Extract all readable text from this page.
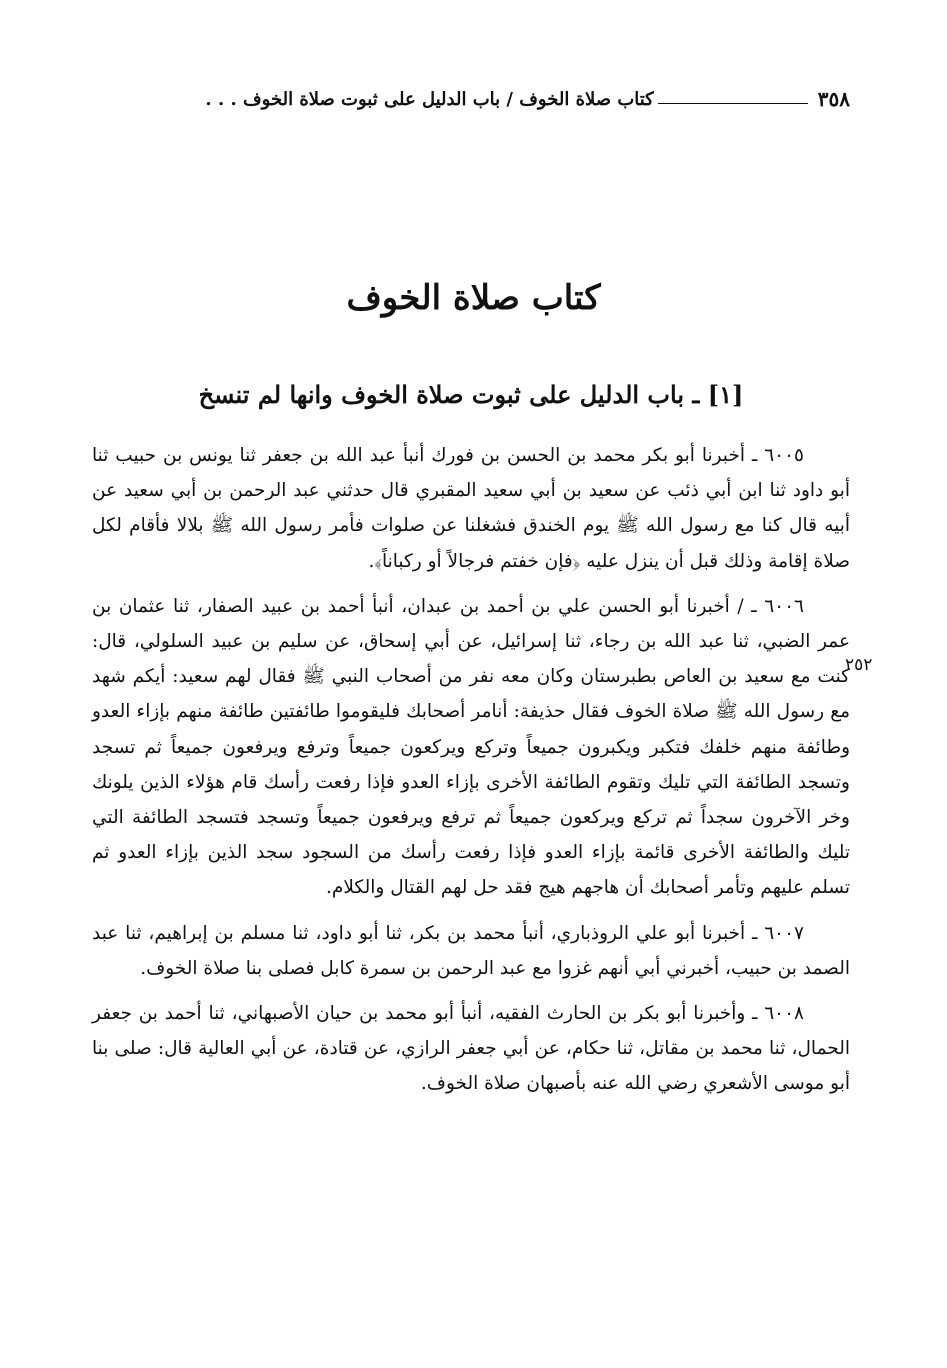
٣٥٨
كتاب صلاة الخوف / باب الدليل على ثبوت صلاة الخوف . . .
كتاب صلاة الخوف
[١] ـ باب الدليل على ثبوت صلاة الخوف وانها لم تنسخ
٢٥٢

٦٠٠٥ ـ أخبرنا أبو بكر محمد بن الحسن بن فورك أنبأ عبد الله بن جعفر ثنا يونس بن حبيب ثنا أبو داود ثنا ابن أبي ذئب عن سعيد بن أبي سعيد المقبري قال حدثني عبد الرحمن بن أبي سعيد عن أبيه قال كنا مع رسول الله ﷺ يوم الخندق فشغلنا عن صلوات فأمر رسول الله ﷺ بلالا فأقام لكل صلاة إقامة وذلك قبل أن ينزل عليه ﴿فإن خفتم فرجالاً أو ركباناً﴾.

٦٠٠٦ ـ / أخبرنا أبو الحسن علي بن أحمد بن عبدان، أنبأ أحمد بن عبيد الصفار، ثنا عثمان بن عمر الضبي، ثنا عبد الله بن رجاء، ثنا إسرائيل، عن أبي إسحاق، عن سليم بن عبيد السلولي، قال: كنت مع سعيد بن العاص بطبرستان وكان معه نفر من أصحاب النبي ﷺ فقال لهم سعيد: أيكم شهد مع رسول الله ﷺ صلاة الخوف فقال حذيفة: أنامر أصحابك فليقوموا طائفتين طائفة منهم بإزاء العدو وطائفة منهم خلفك فتكبر ويكبرون جميعاً وتركع ويركعون جميعاً وترفع ويرفعون جميعاً ثم تسجد وتسجد الطائفة التي تليك وتقوم الطائفة الأخرى بإزاء العدو فإذا رفعت رأسك قام هؤلاء الذين يلونك وخر الآخرون سجداً ثم تركع ويركعون جميعاً ثم ترفع ويرفعون جميعاً وتسجد فتسجد الطائفة التي تليك والطائفة الأخرى قائمة بإزاء العدو فإذا رفعت رأسك من السجود سجد الذين بإزاء العدو ثم تسلم عليهم وتأمر أصحابك أن هاجهم هيج فقد حل لهم القتال والكلام.

٦٠٠٧ ـ أخبرنا أبو علي الروذباري، أنبأ محمد بن بكر، ثنا أبو داود، ثنا مسلم بن إبراهيم، ثنا عبد الصمد بن حبيب، أخبرني أبي أنهم غزوا مع عبد الرحمن بن سمرة كابل فصلى بنا صلاة الخوف.

٦٠٠٨ ـ وأخبرنا أبو بكر بن الحارث الفقيه، أنبأ أبو محمد بن حيان الأصبهاني، ثنا أحمد بن جعفر الحمال، ثنا محمد بن مقاتل، ثنا حكام، عن أبي جعفر الرازي، عن قتادة، عن أبي العالية قال: صلى بنا أبو موسى الأشعري رضي الله عنه بأصبهان صلاة الخوف.
